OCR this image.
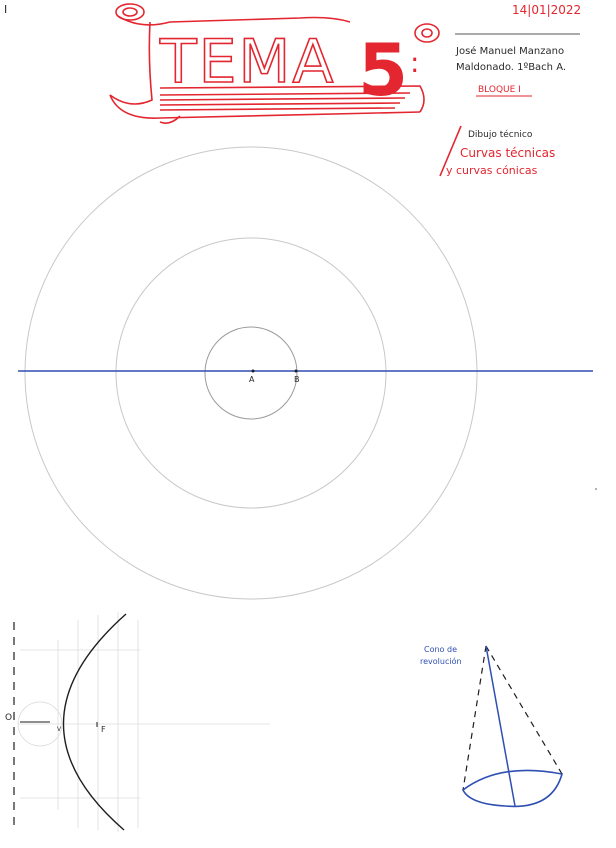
I	14|01|2022
TEMA 5 :	José Manuel Manzano
Maldonado. 1ºBach A.
BLOQUE I
Dibujo técnico
Curvas técnicas
y curvas cónicas
A	B
O
V	F
Cono de
revolución
